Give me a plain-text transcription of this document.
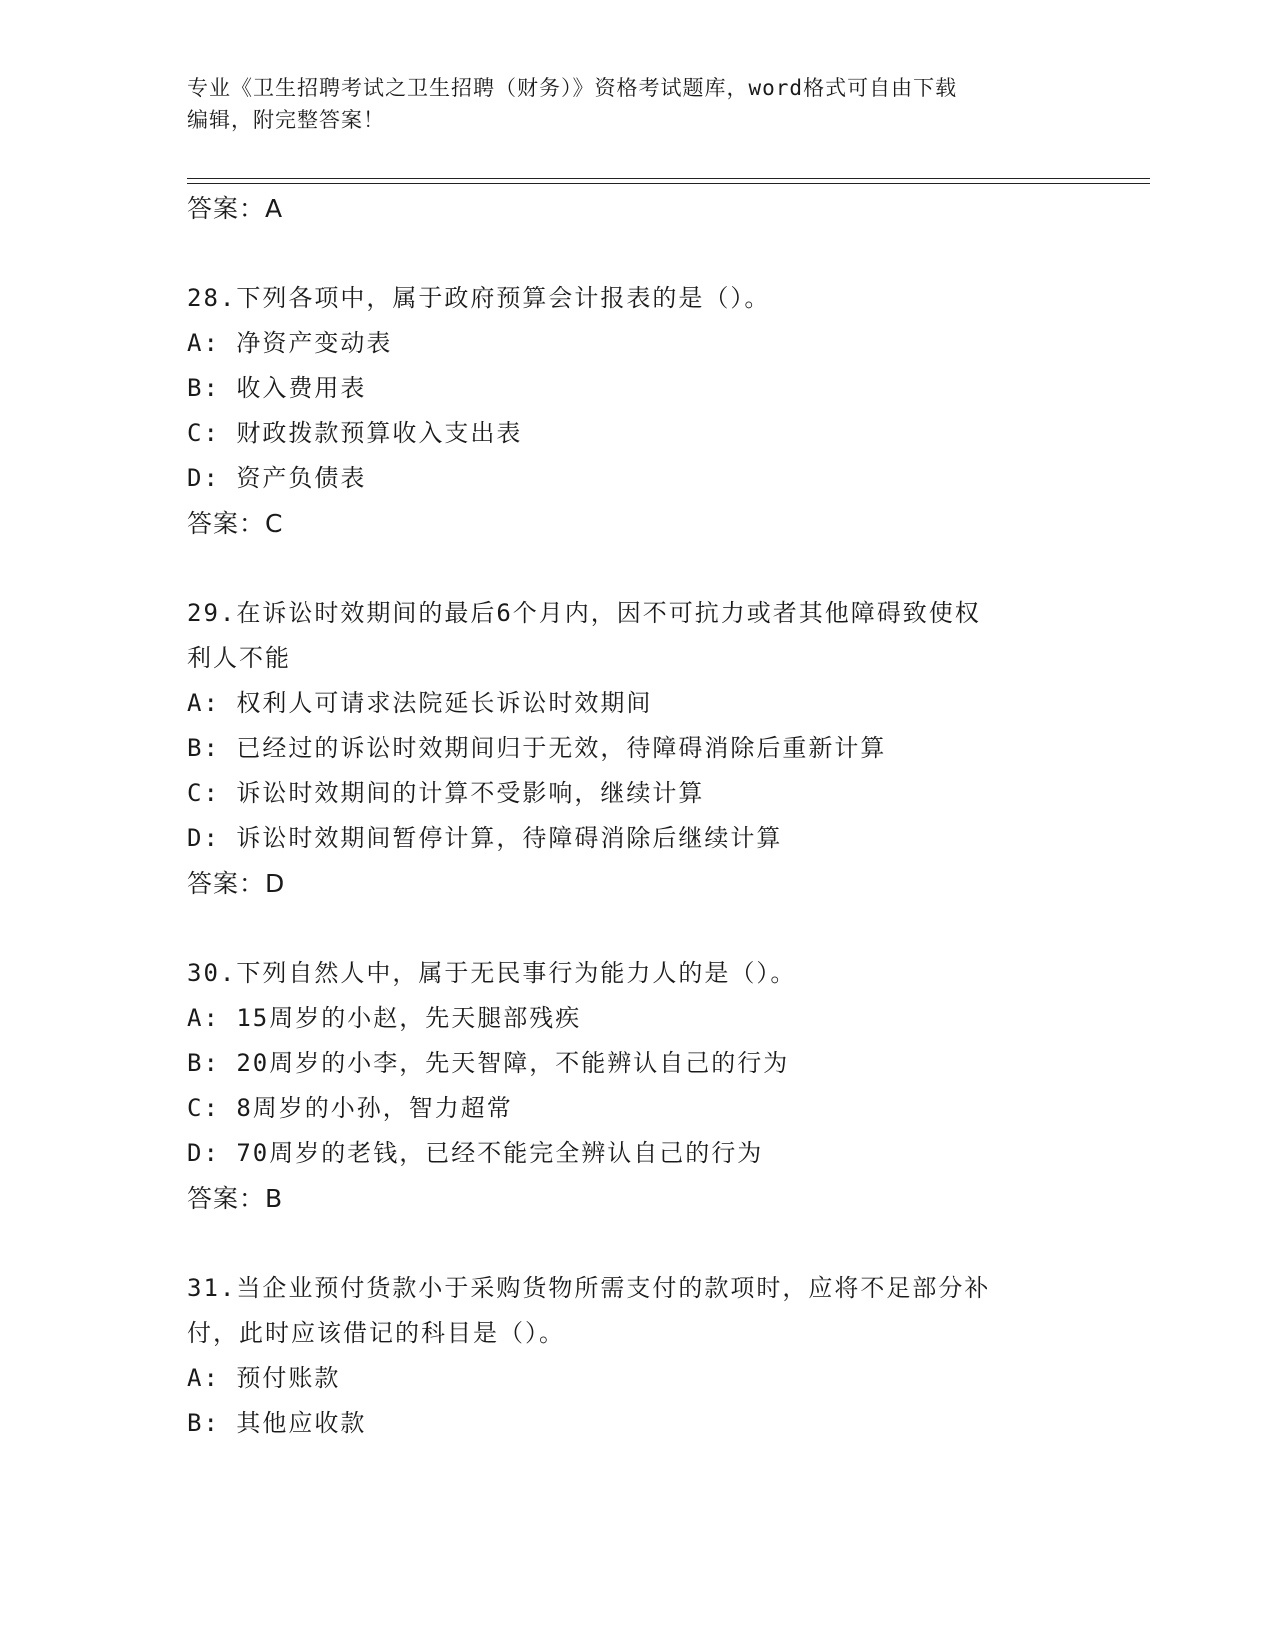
专业《卫生招聘考试之卫生招聘（财务）》资格考试题库，word格式可自由下载
编辑，附完整答案！
答案：A
28.下列各项中，属于政府预算会计报表的是（）。
A: 净资产变动表
B: 收入费用表
C: 财政拨款预算收入支出表
D: 资产负债表
答案：C
29.在诉讼时效期间的最后6个月内，因不可抗力或者其他障碍致使权
利人不能
A: 权利人可请求法院延长诉讼时效期间
B: 已经过的诉讼时效期间归于无效，待障碍消除后重新计算
C: 诉讼时效期间的计算不受影响，继续计算
D: 诉讼时效期间暂停计算，待障碍消除后继续计算
答案：D
30.下列自然人中，属于无民事行为能力人的是（）。
A: 15周岁的小赵，先天腿部残疾
B: 20周岁的小李，先天智障，不能辨认自己的行为
C: 8周岁的小孙，智力超常
D: 70周岁的老钱，已经不能完全辨认自己的行为
答案：B
31.当企业预付货款小于采购货物所需支付的款项时，应将不足部分补
付，此时应该借记的科目是（）。
A: 预付账款
B: 其他应收款
